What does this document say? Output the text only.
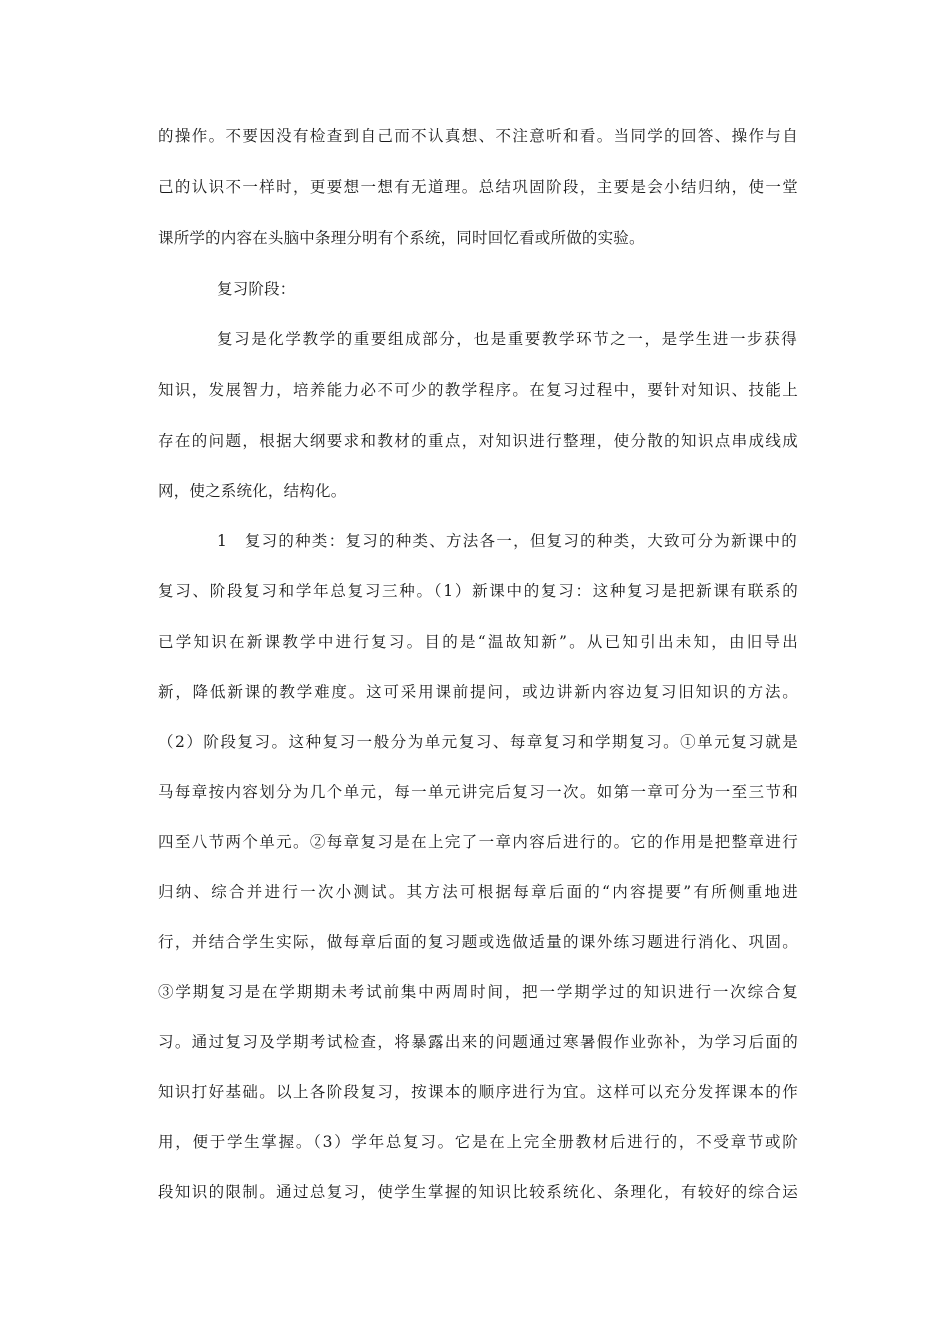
的操作。不要因没有检查到自己而不认真想、不注意听和看。当同学的回答、操作与自
己的认识不一样时，更要想一想有无道理。总结巩固阶段，主要是会小结归纳，使一堂
课所学的内容在头脑中条理分明有个系统，同时回忆看或所做的实验。
复习阶段：
复习是化学教学的重要组成部分，也是重要教学环节之一，是学生进一步获得
知识，发展智力，培养能力必不可少的教学程序。在复习过程中，要针对知识、技能上
存在的问题，根据大纲要求和教材的重点，对知识进行整理，使分散的知识点串成线成
网，使之系统化，结构化。
1　复习的种类：复习的种类、方法各一，但复习的种类，大致可分为新课中的
复习、阶段复习和学年总复习三种。（1）新课中的复习：这种复习是把新课有联系的
已学知识在新课教学中进行复习。目的是“温故知新”。从已知引出未知，由旧导出
新，降低新课的教学难度。这可采用课前提问，或边讲新内容边复习旧知识的方法。
（2）阶段复习。这种复习一般分为单元复习、每章复习和学期复习。①单元复习就是
马每章按内容划分为几个单元，每一单元讲完后复习一次。如第一章可分为一至三节和
四至八节两个单元。②每章复习是在上完了一章内容后进行的。它的作用是把整章进行
归纳、综合并进行一次小测试。其方法可根据每章后面的“内容提要”有所侧重地进
行，并结合学生实际，做每章后面的复习题或选做适量的课外练习题进行消化、巩固。
③学期复习是在学期期未考试前集中两周时间，把一学期学过的知识进行一次综合复
习。通过复习及学期考试检查，将暴露出来的问题通过寒暑假作业弥补，为学习后面的
知识打好基础。以上各阶段复习，按课本的顺序进行为宜。这样可以充分发挥课本的作
用，便于学生掌握。（3）学年总复习。它是在上完全册教材后进行的，不受章节或阶
段知识的限制。通过总复习，使学生掌握的知识比较系统化、条理化，有较好的综合运
